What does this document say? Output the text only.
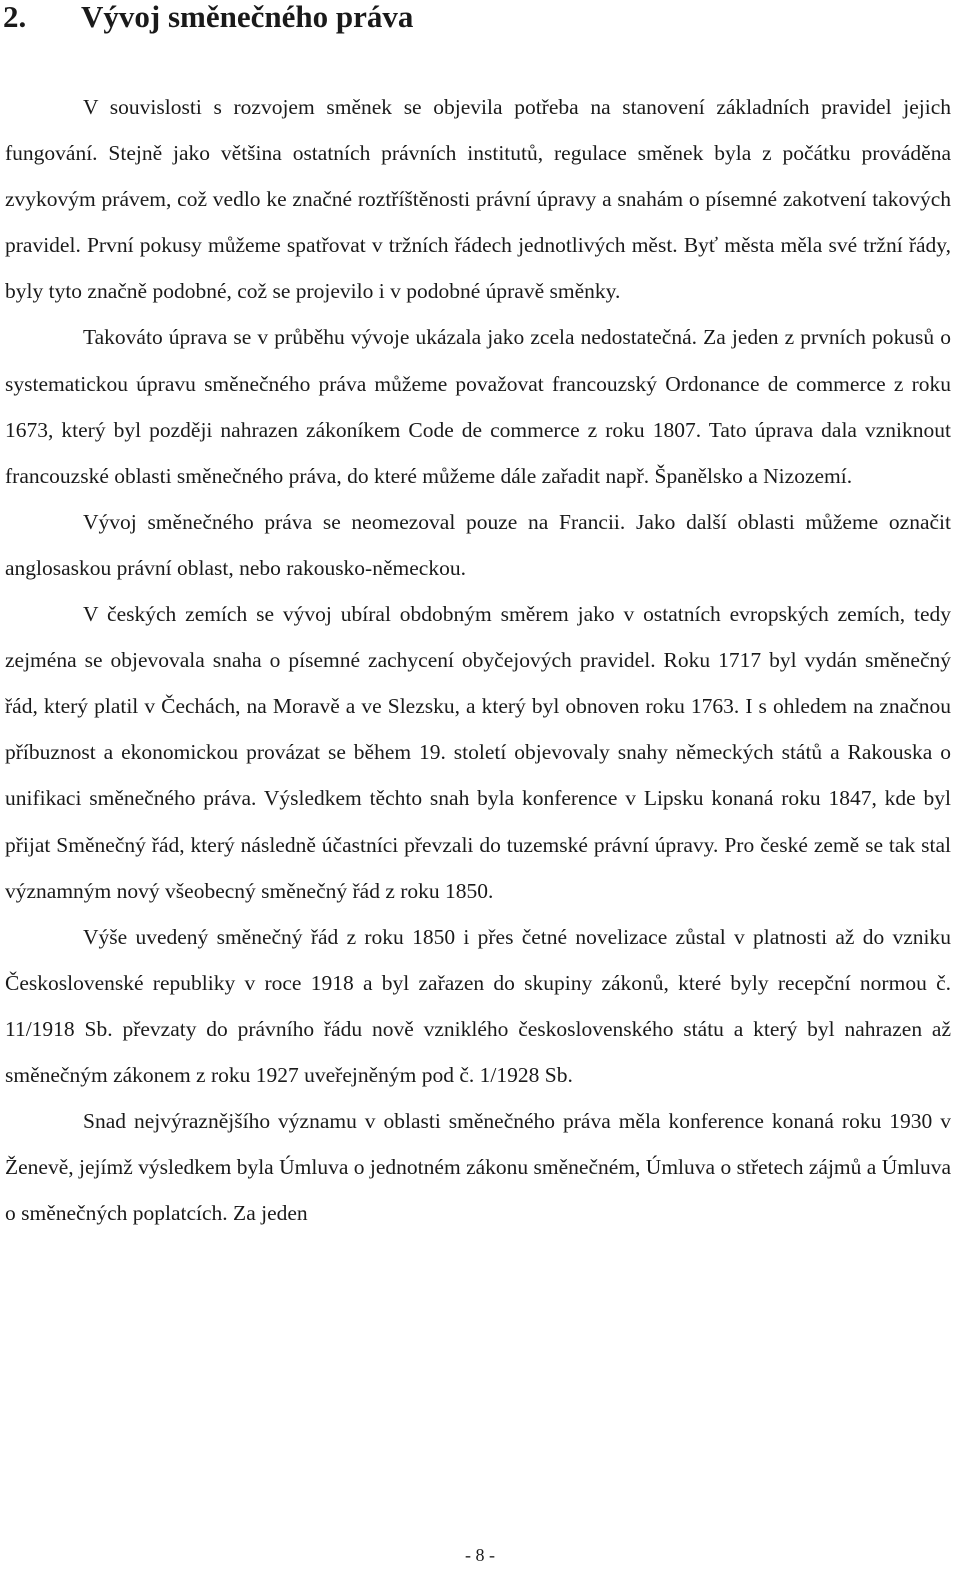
2. Vývoj směnečného práva

V souvislosti s rozvojem směnek se objevila potřeba na stanovení základních pravidel jejich fungování. Stejně jako většina ostatních právních institutů, regulace směnek byla z počátku prováděna zvykovým právem, což vedlo ke značné roztříštěnosti právní úpravy a snahám o písemné zakotvení takových pravidel. První pokusy můžeme spatřovat v tržních řádech jednotlivých měst. Byť města měla své tržní řády, byly tyto značně podobné, což se projevilo i v podobné úpravě směnky.

Takováto úprava se v průběhu vývoje ukázala jako zcela nedostatečná. Za jeden z prvních pokusů o systematickou úpravu směnečného práva můžeme považovat francouzský Ordonance de commerce z roku 1673, který byl později nahrazen zákoníkem Code de commerce z roku 1807. Tato úprava dala vzniknout francouzské oblasti směnečného práva, do které můžeme dále zařadit např. Španělsko a Nizozemí.

Vývoj směnečného práva se neomezoval pouze na Francii. Jako další oblasti můžeme označit anglosaskou právní oblast, nebo rakousko-německou.

V českých zemích se vývoj ubíral obdobným směrem jako v ostatních evropských zemích, tedy zejména se objevovala snaha o písemné zachycení obyčejových pravidel. Roku 1717 byl vydán směnečný řád, který platil v Čechách, na Moravě a ve Slezsku, a který byl obnoven roku 1763. I s ohledem na značnou příbuznost a ekonomickou provázat se během 19. století objevovaly snahy německých států a Rakouska o unifikaci směnečného práva. Výsledkem těchto snah byla konference v Lipsku konaná roku 1847, kde byl přijat Směnečný řád, který následně účastníci převzali do tuzemské právní úpravy. Pro české země se tak stal významným nový všeobecný směnečný řád z roku 1850.

Výše uvedený směnečný řád z roku 1850 i přes četné novelizace zůstal v platnosti až do vzniku Československé republiky v roce 1918 a byl zařazen do skupiny zákonů, které byly recepční normou č. 11/1918 Sb. převzaty do právního řádu nově vzniklého československého státu a který byl nahrazen až směnečným zákonem z roku 1927 uveřejněným pod č. 1/1928 Sb.

Snad nejvýraznějšího významu v oblasti směnečného práva měla konference konaná roku 1930 v Ženevě, jejímž výsledkem byla Úmluva o jednotném zákonu směnečném, Úmluva o střetech zájmů a Úmluva o směnečných poplatcích. Za jeden

- 8 -
